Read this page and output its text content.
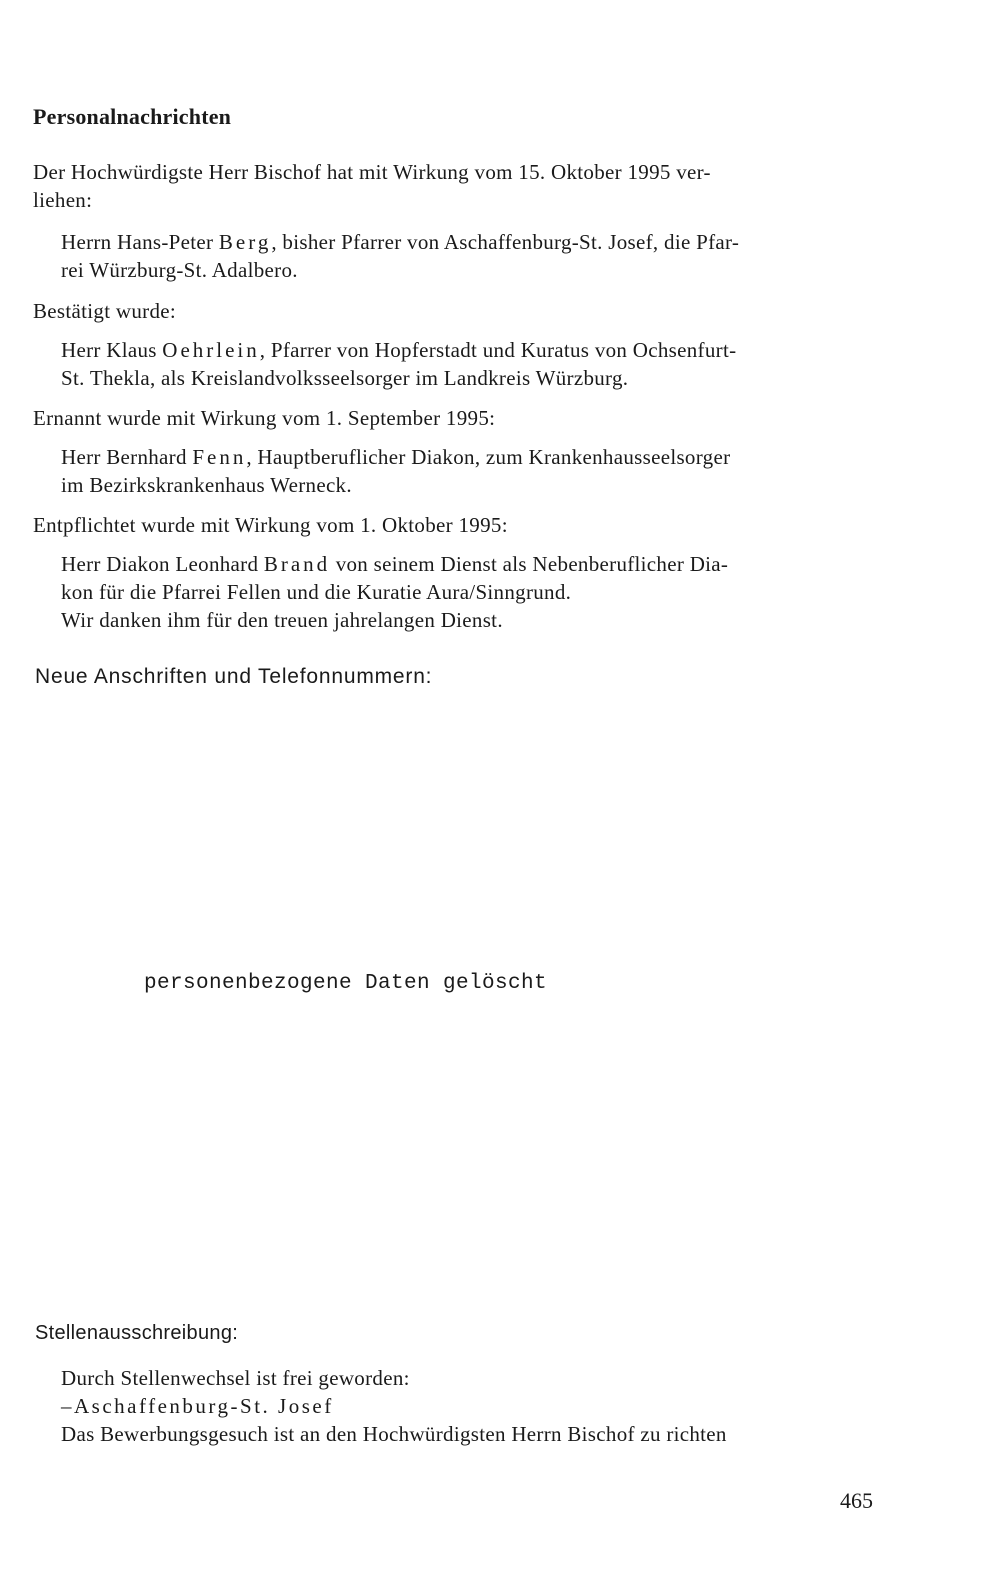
Personalnachrichten
Der Hochwürdigste Herr Bischof hat mit Wirkung vom 15. Oktober 1995 ver-
liehen:
Herrn Hans-Peter Berg, bisher Pfarrer von Aschaffenburg-St. Josef, die Pfar-
rei Würzburg-St. Adalbero.
Bestätigt wurde:
Herr Klaus Oehrlein, Pfarrer von Hopferstadt und Kuratus von Ochsenfurt-
St. Thekla, als Kreislandvolksseelsorger im Landkreis Würzburg.
Ernannt wurde mit Wirkung vom 1. September 1995:
Herr Bernhard Fenn, Hauptberuflicher Diakon, zum Krankenhausseelsorger
im Bezirkskrankenhaus Werneck.
Entpflichtet wurde mit Wirkung vom 1. Oktober 1995:
Herr Diakon Leonhard Brand von seinem Dienst als Nebenberuflicher Dia-
kon für die Pfarrei Fellen und die Kuratie Aura/Sinngrund.
Wir danken ihm für den treuen jahrelangen Dienst.
Neue Anschriften und Telefonnummern:
personenbezogene Daten gelöscht
Stellenausschreibung:
Durch Stellenwechsel ist frei geworden:
–Aschaffenburg-St. Josef
Das Bewerbungsgesuch ist an den Hochwürdigsten Herrn Bischof zu richten
465
